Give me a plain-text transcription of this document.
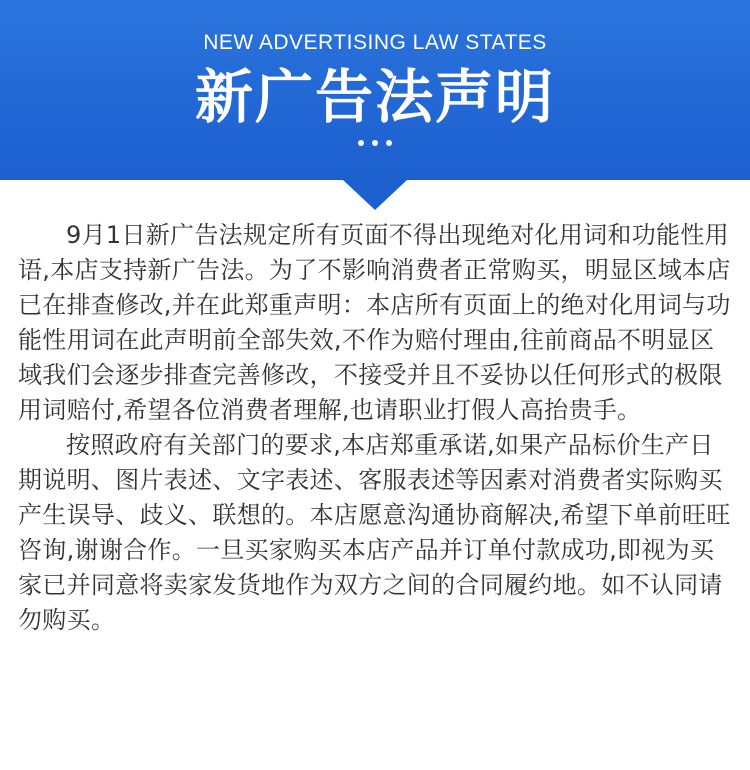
NEW ADVERTISING LAW STATES
新广告法声明

9月1日新广告法规定所有页面不得出现绝对化用词和功能性用语,本店支持新广告法。为了不影响消费者正常购买，明显区域本店已在排查修改,并在此郑重声明：本店所有页面上的绝对化用词与功能性用词在此声明前全部失效,不作为赔付理由,往前商品不明显区域我们会逐步排查完善修改，不接受并且不妥协以任何形式的极限用词赔付,希望各位消费者理解,也请职业打假人高抬贵手。

按照政府有关部门的要求,本店郑重承诺,如果产品标价生产日期说明、图片表述、文字表述、客服表述等因素对消费者实际购买产生误导、歧义、联想的。本店愿意沟通协商解决,希望下单前旺旺咨询,谢谢合作。一旦买家购买本店产品并订单付款成功,即视为买家已并同意将卖家发货地作为双方之间的合同履约地。如不认同请勿购买。
